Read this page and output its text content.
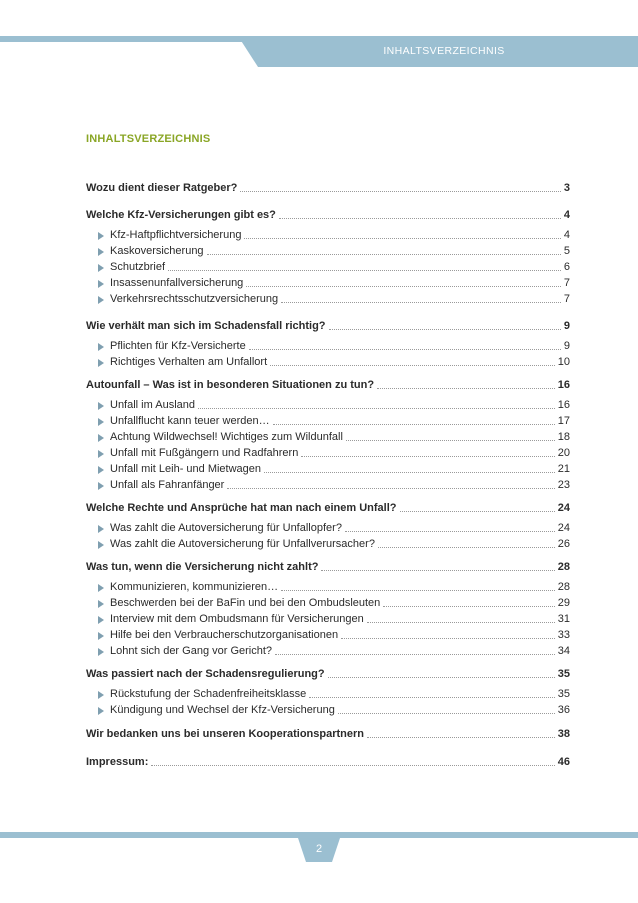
INHALTSVERZEICHNIS
INHALTSVERZEICHNIS
Wozu dient dieser Ratgeber?	3
Welche Kfz-Versicherungen gibt es?	4
Kfz-Haftpflichtversicherung	4
Kaskoversicherung	5
Schutzbrief	6
Insassenunfallversicherung	7
Verkehrsrechtsschutzversicherung	7
Wie verhält man sich im Schadensfall richtig?	9
Pflichten für Kfz-Versicherte	9
Richtiges Verhalten am Unfallort	10
Autounfall – Was ist in besonderen Situationen zu tun?	16
Unfall im Ausland	16
Unfallflucht kann teuer werden…	17
Achtung Wildwechsel! Wichtiges zum Wildunfall	18
Unfall mit Fußgängern und Radfahrern	20
Unfall mit Leih- und Mietwagen	21
Unfall als Fahranfänger	23
Welche Rechte und Ansprüche hat man nach einem Unfall?	24
Was zahlt die Autoversicherung für Unfallopfer?	24
Was zahlt die Autoversicherung für Unfallverursacher?	26
Was tun, wenn die Versicherung nicht zahlt?	28
Kommunizieren, kommunizieren…	28
Beschwerden bei der BaFin und bei den Ombudsleuten	29
Interview mit dem Ombudsmann für Versicherungen	31
Hilfe bei den Verbraucherschutzorganisationen	33
Lohnt sich der Gang vor Gericht?	34
Was passiert nach der Schadensregulierung?	35
Rückstufung der Schadenfreiheitsklasse	35
Kündigung und Wechsel der Kfz-Versicherung	36
Wir bedanken uns bei unseren Kooperationspartnern	38
Impressum:	46
2
